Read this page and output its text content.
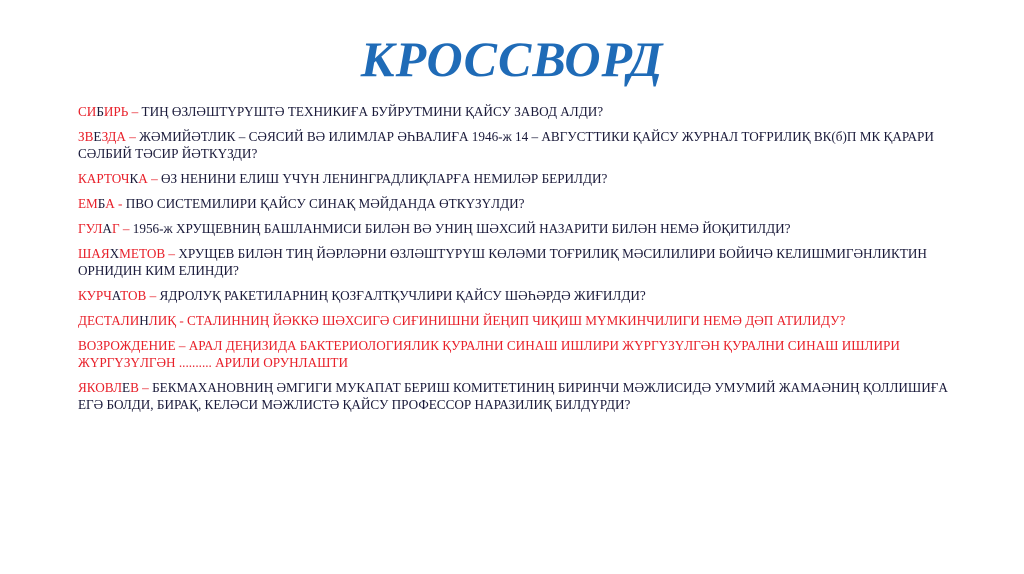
КРОССВОРД
СИБИРЬ – ТИҢ ӨЗЛӘШТҮРҮШТӘ ТЕХНИКИҒА БУЙРУТМИНИ ҚАЙСУ ЗАВОД АЛДИ?
ЗВЕЗДА – ЖӘМИЙӘТЛИК – СӘЯСИЙ ВӘ ИЛИМЛАР ӘҺВАЛИҒА 1946-ж 14 – АВГУСТТИКИ ҚАЙСУ ЖУРНАЛ ТОҒРИЛИҚ ВК(б)П МК ҚАРАРИ СӘЛБИЙ ТӘСИР ЙӘТКҮЗДИ?
КАРТОЧКА – ӨЗ НЕНИНИ ЕЛИШ ҮЧҮН ЛЕНИНГРАДЛИҚЛАРҒА НЕМИЛӘР БЕРИЛДИ?
ЕМБА - ПВО СИСТЕМИЛИРИ ҚАЙСУ СИНАҚ МӘЙДАНДА ӨТКҮЗҮЛДИ?
ГУЛАГ – 1956-ж ХРУЩЕВНИҢ БАШЛАНМИСИ БИЛӘН ВӘ УНИҢ ШӘХСИЙ НАЗАРИТИ БИЛӘН НЕМӘ ЙОҚИТИЛДИ?
ШАЯХМЕТОВ – ХРУЩЕВ БИЛӘН ТИҢ ЙӘРЛӘРНИ ӨЗЛӘШТҮРҮШ КӨЛӘМИ ТОҒРИЛИҚ МӘСИЛИЛИРИ БОЙИЧӘ КЕЛИШМИГӘНЛИКТИН ОРНИДИН КИМ ЕЛИНДИ?
КУРЧАТОВ – ЯДРОЛУҚ РАКЕТИЛАРНИҢ ҚОЗҒАЛТҚУЧЛИРИ ҚАЙСУ ШӘҺӘРДӘ ЖИҒИЛДИ?
ДЕСТАЛИНЛИҚ - СТАЛИННИҢ ЙӘККӘ ШӘХСИГӘ СИҒИНИШНИ ЙЕҢИП ЧИҚИШ МҮМКИНЧИЛИГИ НЕМӘ ДӘП АТИЛИДУ?
ВОЗРОЖДЕНИЕ – АРАЛ ДЕҢИЗИДА БАКТЕРИОЛОГИЯЛИК ҚУРАЛНИ СИНАШ ИШЛИРИ ЖҮРГҮЗҮЛГӘН ҚУРАЛНИ СИНАШ ИШЛИРИ ЖҮРГҮЗҮЛГӘН .......... АРИЛИ ОРУНЛАШТИ
ЯКОВЛЕВ – БЕКМАХАНОВНИҢ ӘМГИГИ МУКАПАТ БЕРИШ КОМИТЕТИНИҢ БИРИНЧИ МӘЖЛИСИДӘ УМУМИЙ ЖАМАӘНИҢ ҚОЛЛИШИҒА ЕГӘ БОЛДИ, БИРАҚ, КЕЛӘСИ МӘЖЛИСТӘ ҚАЙСУ ПРОФЕССОР НАРАЗИЛИҚ БИЛДҮРДИ?
